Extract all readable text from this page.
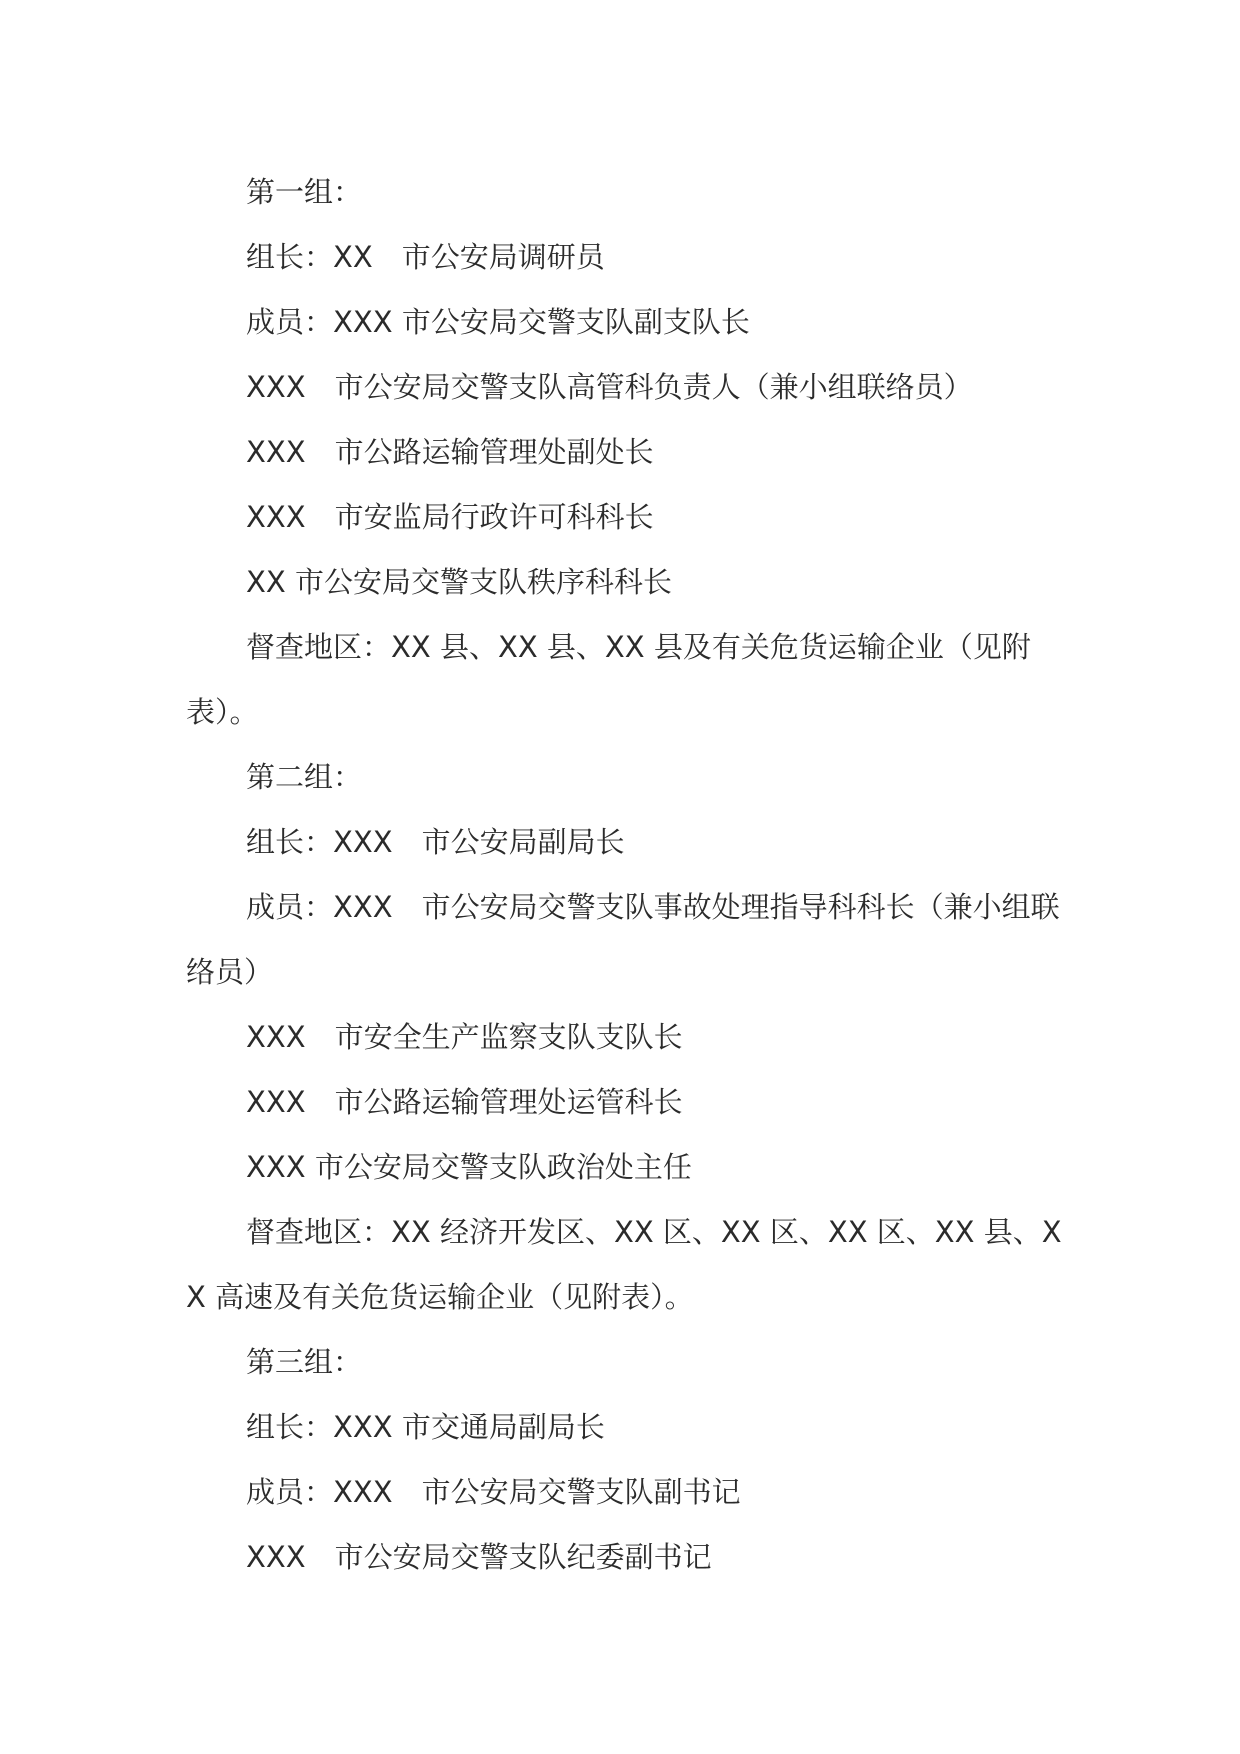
第一组：

组长：XX　市公安局调研员

成员：XXX 市公安局交警支队副支队长

XXX　市公安局交警支队高管科负责人（兼小组联络员）

XXX　市公路运输管理处副处长

XXX　市安监局行政许可科科长

XX 市公安局交警支队秩序科科长

督查地区：XX 县、XX 县、XX 县及有关危货运输企业（见附表）。

第二组：

组长：XXX　市公安局副局长

成员：XXX　市公安局交警支队事故处理指导科科长（兼小组联络员）

XXX　市安全生产监察支队支队长

XXX　市公路运输管理处运管科长

XXX 市公安局交警支队政治处主任

督查地区：XX 经济开发区、XX 区、XX 区、XX 区、XX 县、XX 高速及有关危货运输企业（见附表）。

第三组：

组长：XXX 市交通局副局长

成员：XXX　市公安局交警支队副书记

XXX　市公安局交警支队纪委副书记
